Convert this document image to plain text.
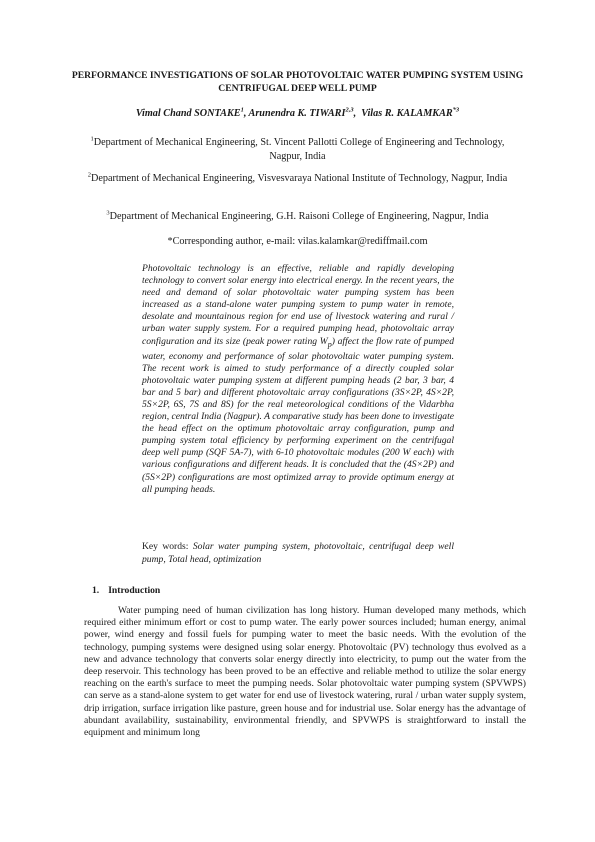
PERFORMANCE INVESTIGATIONS OF SOLAR PHOTOVOLTAIC WATER PUMPING SYSTEM USING CENTRIFUGAL DEEP WELL PUMP
Vimal Chand SONTAKE$^1$, Arunendra K. TIWARI$^{2,3}$,  Vilas R. KALAMKAR$^{*3}$
$^1$Department of Mechanical Engineering, St. Vincent Pallotti College of Engineering and Technology, Nagpur, India
$^2$Department of Mechanical Engineering, Visvesvaraya National Institute of Technology, Nagpur, India
$^3$Department of Mechanical Engineering, G.H. Raisoni College of Engineering, Nagpur, India
*Corresponding author, e-mail: vilas.kalamkar@rediffmail.com
Photovoltaic technology is an effective, reliable and rapidly developing technology to convert solar energy into electrical energy. In the recent years, the need and demand of solar photovoltaic water pumping system has been increased as a stand-alone water pumping system to pump water in remote, desolate and mountainous region for end use of livestock watering and rural / urban water supply system. For a required pumping head, photovoltaic array configuration and its size (peak power rating $W_p$) affect the flow rate of pumped water, economy and performance of solar photovoltaic water pumping system. The recent work is aimed to study performance of a directly coupled solar photovoltaic water pumping system at different pumping heads (2 bar, 3 bar, 4 bar and 5 bar) and different photovoltaic array configurations (3S×2P, 4S×2P, 5S×2P, 6S, 7S and 8S) for the real meteorological conditions of the Vidarbha region, central India (Nagpur). A comparative study has been done to investigate the head effect on the optimum photovoltaic array configuration, pump and pumping system total efficiency by performing experiment on the centrifugal deep well pump (SQF 5A-7), with 6-10 photovoltaic modules (200 W each) with various configurations and different heads. It is concluded that the (4S×2P) and (5S×2P) configurations are most optimized array to provide optimum energy at all pumping heads.
Key words: Solar water pumping system, photovoltaic, centrifugal deep well pump, Total head, optimization
1. Introduction
Water pumping need of human civilization has long history. Human developed many methods, which required either minimum effort or cost to pump water. The early power sources included; human energy, animal power, wind energy and fossil fuels for pumping water to meet the basic needs. With the evolution of the technology, pumping systems were designed using solar energy. Photovoltaic (PV) technology thus evolved as a new and advance technology that converts solar energy directly into electricity, to pump out the water from the deep reservoir. This technology has been proved to be an effective and reliable method to utilize the solar energy reaching on the earth's surface to meet the pumping needs. Solar photovoltaic water pumping system (SPVWPS) can serve as a stand-alone system to get water for end use of livestock watering, rural / urban water supply system, drip irrigation, surface irrigation like pasture, green house and for industrial use. Solar energy has the advantage of abundant availability, sustainability, environmental friendly, and SPVWPS is straightforward to install the equipment and minimum long
